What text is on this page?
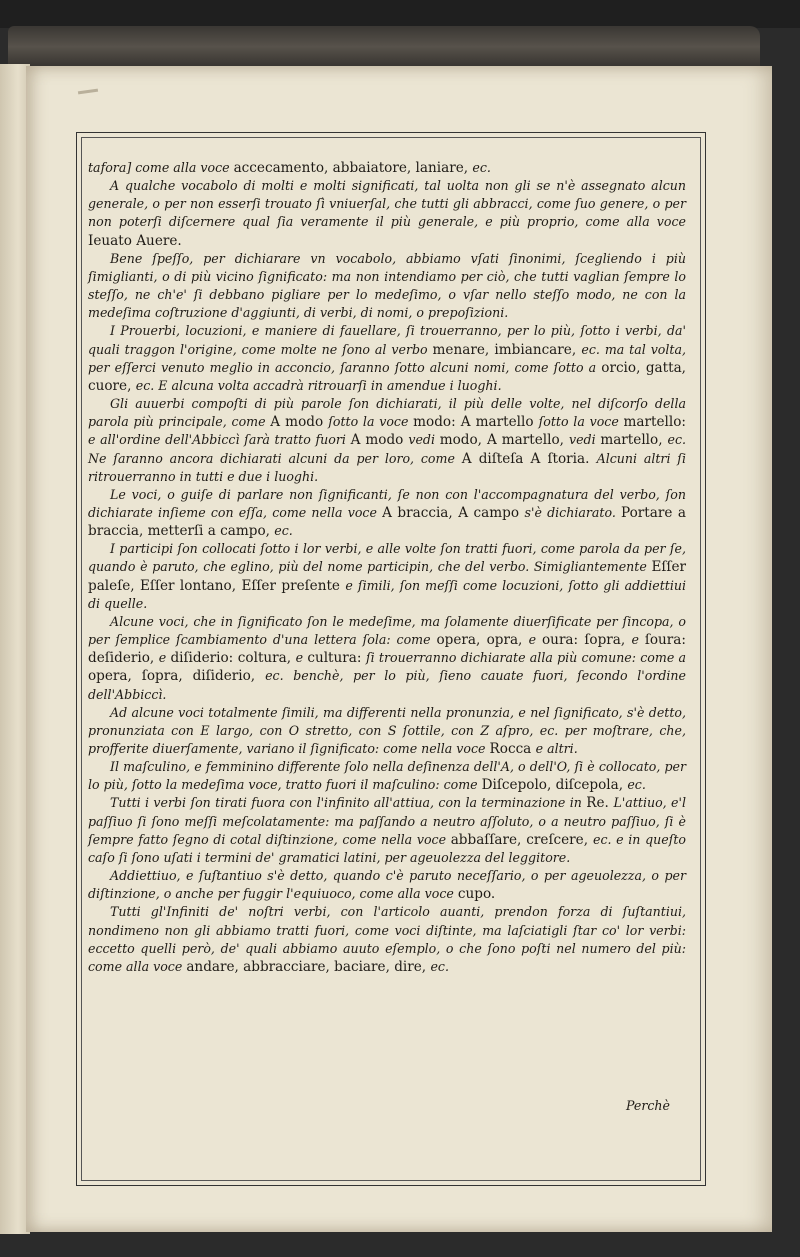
tafora] come alla voce accecamento, abbaiatore, laniare, ec.

A qualche vocabolo di molti e molti significati, tal uolta non gli se n'è assegnato alcun generale, o per non esserſi trouato ſì vniuerſal, che tutti gli abbracci, come ſuo genere, o per non poterſi diſcernere qual ſia veramente il più generale, e più proprio, come alla voce Ieuato Auere.

Bene ſpeſſo, per dichiarare vn vocabolo, abbiamo vſati ſinonimi, ſcegliendo i più ſimiglianti, o di più vicino ſignificato: ma non intendiamo per ciò, che tutti vaglian ſempre lo steſſo, ne ch'e' ſi debbano pigliare per lo medeſimo, o vſar nello steſſo modo, ne con la medeſima coſtruzione d'aggiunti, di verbi, di nomi, o prepoſizioni.

I Prouerbi, locuzioni, e maniere di fauellare, ſi trouerranno, per lo più, ſotto i verbi, da' quali traggon l'origine, come molte ne ſono al verbo menare, imbiancare, ec. ma tal volta, per eſſerci venuto meglio in acconcio, ſaranno ſotto alcuni nomi, come ſotto a orcio, gatta, cuore, ec. E alcuna volta accadrà ritrouarſi in amendue i luoghi.

Gli auuerbi compoſti di più parole ſon dichiarati, il più delle volte, nel diſcorſo della parola più principale, come A modo ſotto la voce modo: A martello ſotto la voce martello: e all'ordine dell'Abbiccì ſarà tratto fuori A modo vedi modo, A martello, vedi martello, ec. Ne ſaranno ancora dichiarati alcuni da per loro, come A diſteſa A ſtoria. Alcuni altri ſi ritrouerranno in tutti e due i luoghi.

Le voci, o guiſe di parlare non ſignificanti, ſe non con l'accompagnatura del verbo, ſon dichiarate inſieme con eſſa, come nella voce A braccia, A campo s'è dichiarato. Portare a braccia, metterſi a campo, ec.

I participi ſon collocati ſotto i lor verbi, e alle volte ſon tratti fuori, come parola da per ſe, quando è paruto, che eglino, più del nome participin, che del verbo. Simigliantemente Eſſer paleſe, Eſſer lontano, Eſſer preſente e ſimili, ſon meſſi come locuzioni, ſotto gli addiettiui di quelle.

Alcune voci, che in ſignificato ſon le medeſime, ma ſolamente diuerſificate per ſincopa, o per ſemplice ſcambiamento d'una lettera ſola: come opera, opra, e oura: ſopra, e ſoura: deſiderio, e diſiderio: coltura, e cultura: ſi trouerranno dichiarate alla più comune: come a opera, ſopra, diſiderio, ec. benchè, per lo più, ſieno cauate fuori, ſecondo l'ordine dell'Abbiccì.

Ad alcune voci totalmente ſimili, ma differenti nella pronunzia, e nel ſignificato, s'è detto, pronunziata con E largo, con O stretto, con S ſottile, con Z aſpro, ec. per moſtrare, che, profferite diuerſamente, variano il ſignificato: come nella voce Rocca e altri.

Il maſculino, e femminino differente ſolo nella deſinenza dell'A, o dell'O, ſi è collocato, per lo più, ſotto la medeſima voce, tratto fuori il maſculino: come Diſcepolo, diſcepola, ec.

Tutti i verbi ſon tirati fuora con l'infinito all'attiua, con la terminazione in Re. L'attiuo, e'l paſſiuo ſi ſono meſſi meſcolatamente: ma paſſando a neutro aſſoluto, o a neutro paſſiuo, ſi è ſempre fatto ſegno di cotal diſtinzione, come nella voce abbaſſare, creſcere, ec. e in queſto caſo ſi ſono uſati i termini de' gramatici latini, per ageuolezza del leggitore.

Addiettiuo, e ſuſtantiuo s'è detto, quando c'è paruto neceſſario, o per ageuolezza, o per diſtinzione, o anche per fuggir l'equiuoco, come alla voce cupo.

Tutti gl'Infiniti de' noſtri verbi, con l'articolo auanti, prendon forza di ſuſtantiui, nondimeno non gli abbiamo tratti fuori, come voci diſtinte, ma laſciatigli ſtar co' lor verbi: eccetto quelli però, de' quali abbiamo auuto eſemplo, o che ſono poſti nel numero del più: come alla voce andare, abbracciare, baciare, dire, ec.

Perchè
